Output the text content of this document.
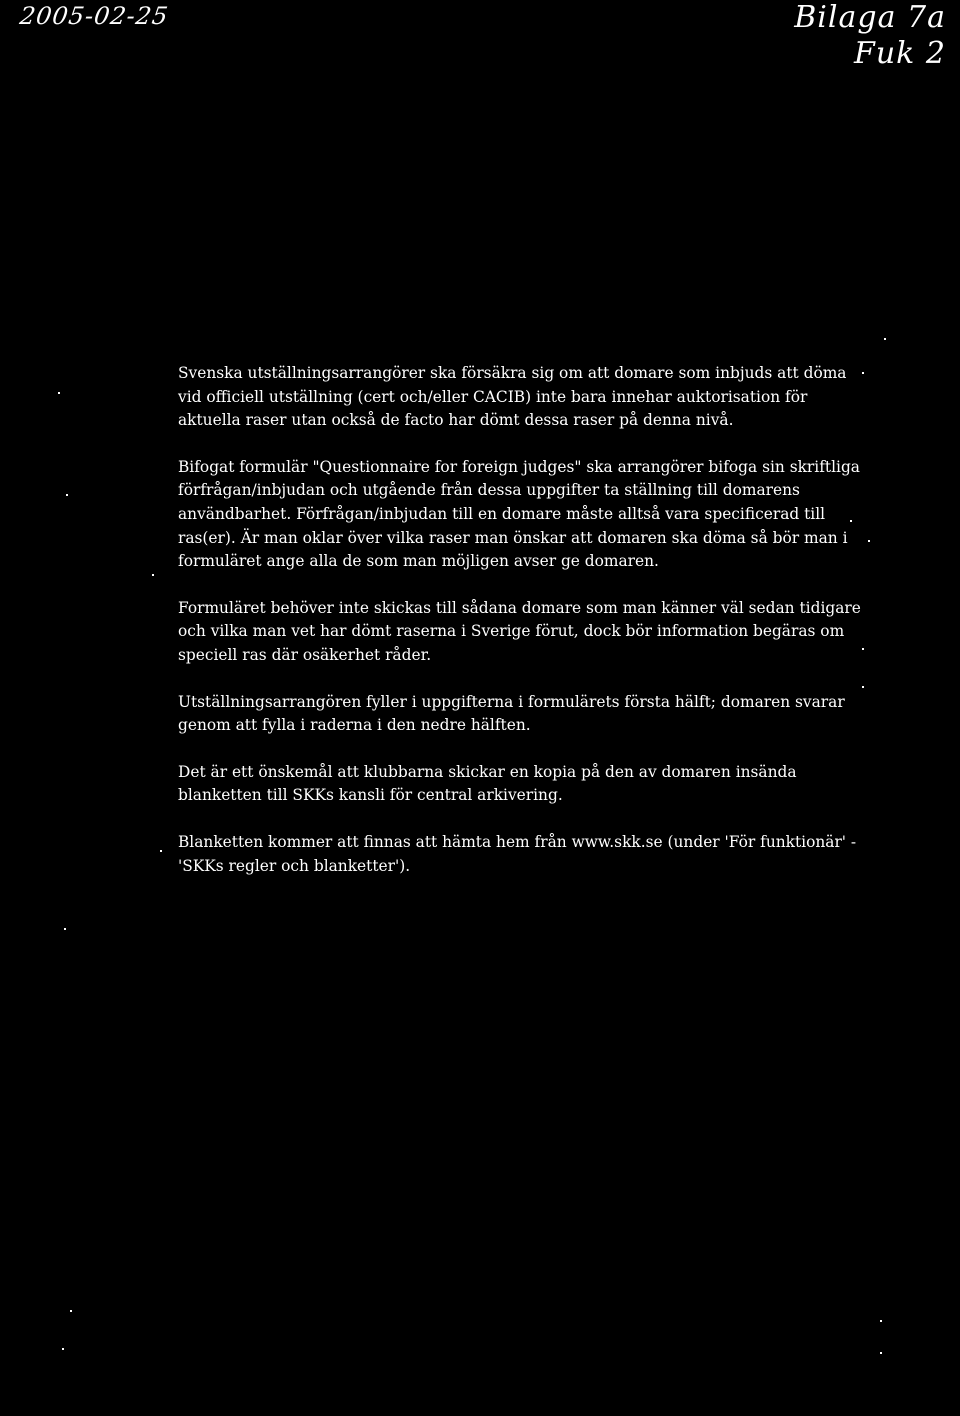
2005-02-25	Bilaga 7a
Fuk 2

Svenska utställningsarrangörer ska försäkra sig om att domare som inbjuds att döma vid officiell utställning (cert och/eller CACIB) inte bara innehar auktorisation för aktuella raser utan också de facto har dömt dessa raser på denna nivå.

Bifogat formulär "Questionnaire for foreign judges" ska arrangörer bifoga sin skriftliga förfrågan/inbjudan och utgående från dessa uppgifter ta ställning till domarens användbarhet. Förfrågan/inbjudan till en domare måste alltså vara specificerad till ras(er). Är man oklar över vilka raser man önskar att domaren ska döma så bör man i formuläret ange alla de som man möjligen avser ge domaren.

Formuläret behöver inte skickas till sådana domare som man känner väl sedan tidigare och vilka man vet har dömt raserna i Sverige förut, dock bör information begäras om speciell ras där osäkerhet råder.

Utställningsarrangören fyller i uppgifterna i formulärets första hälft; domaren svarar genom att fylla i raderna i den nedre hälften.

Det är ett önskemål att klubbarna skickar en kopia på den av domaren insända blanketten till SKKs kansli för central arkivering.

Blanketten kommer att finnas att hämta hem från www.skk.se (under 'För funktionär' - 'SKKs regler och blanketter').
